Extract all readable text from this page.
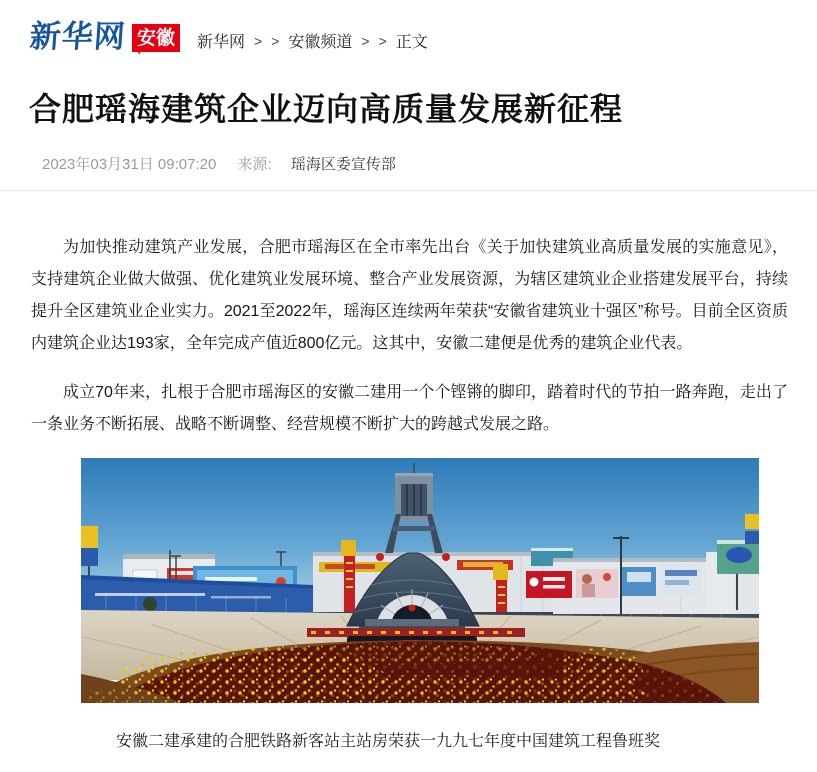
新华网 安徽	新华网 > > 安徽频道 > > 正文
合肥瑶海建筑企业迈向高质量发展新征程
2023年03月31日 09:07:20 来源: 瑶海区委宣传部

为加快推动建筑产业发展，合肥市瑶海区在全市率先出台《关于加快建筑业高质量发展的实施意见》，支持建筑企业做大做强、优化建筑业发展环境、整合产业发展资源，为辖区建筑业企业搭建发展平台，持续提升全区建筑业企业实力。2021至2022年，瑶海区连续两年荣获“安徽省建筑业十强区”称号。目前全区资质内建筑企业达193家，全年完成产值近800亿元。这其中，安徽二建便是优秀的建筑企业代表。

成立70年来，扎根于合肥市瑶海区的安徽二建用一个个铿锵的脚印，踏着时代的节拍一路奔跑，走出了一条业务不断拓展、战略不断调整、经营规模不断扩大的跨越式发展之路。

安徽二建承建的合肥铁路新客站主站房荣获一九九七年度中国建筑工程鲁班奖
